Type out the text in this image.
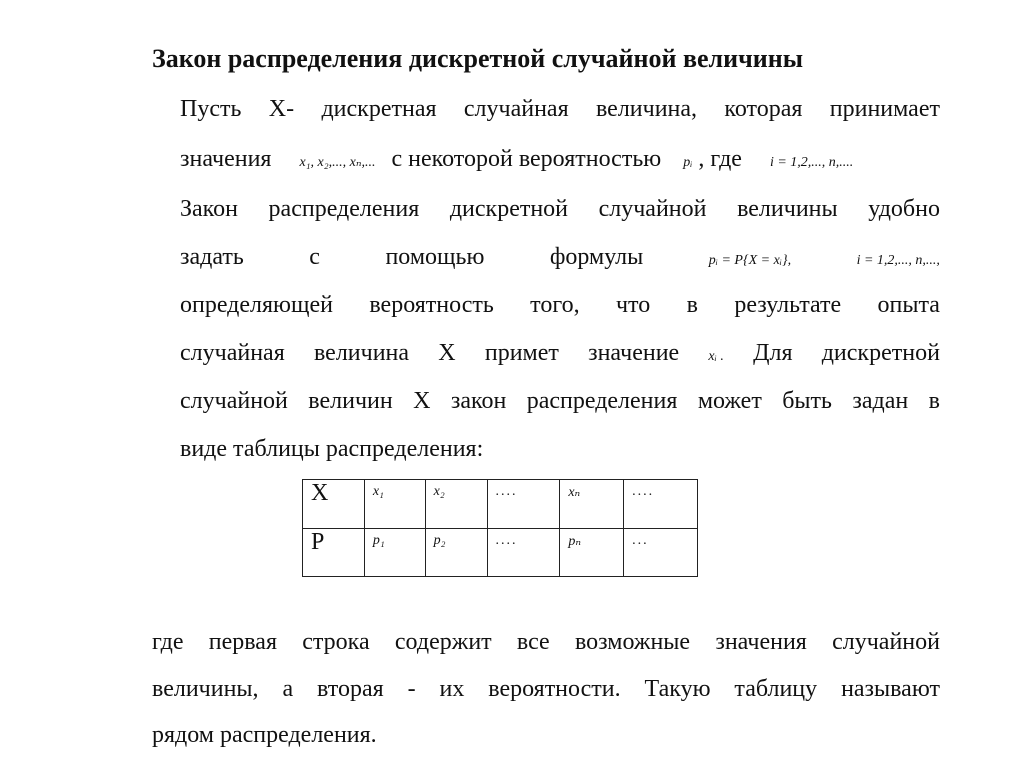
Закон распределения дискретной случайной величины
Пусть Х- дискретная случайная величина, которая принимает
значения x₁, x₂,..., xₙ,... с некоторой вероятностью pᵢ , где i = 1,2,..., n,....
Закон распределения дискретной случайной величины удобно
задать	с	помощью	формулы	pᵢ = P{X = xᵢ},	i = 1,2,..., n,...,
определяющей вероятность того, что в результате опыта
случайная величина Х примет значение xᵢ . Для дискретной
случайной величин Х закон распределения может быть задан в
виде таблицы распределения:
Х	x₁	x₂	....	xₙ	....
Р	p₁	p₂	....	pₙ	...
где первая строка содержит все возможные значения случайной
величины, а вторая - их вероятности. Такую таблицу называют
рядом распределения.
